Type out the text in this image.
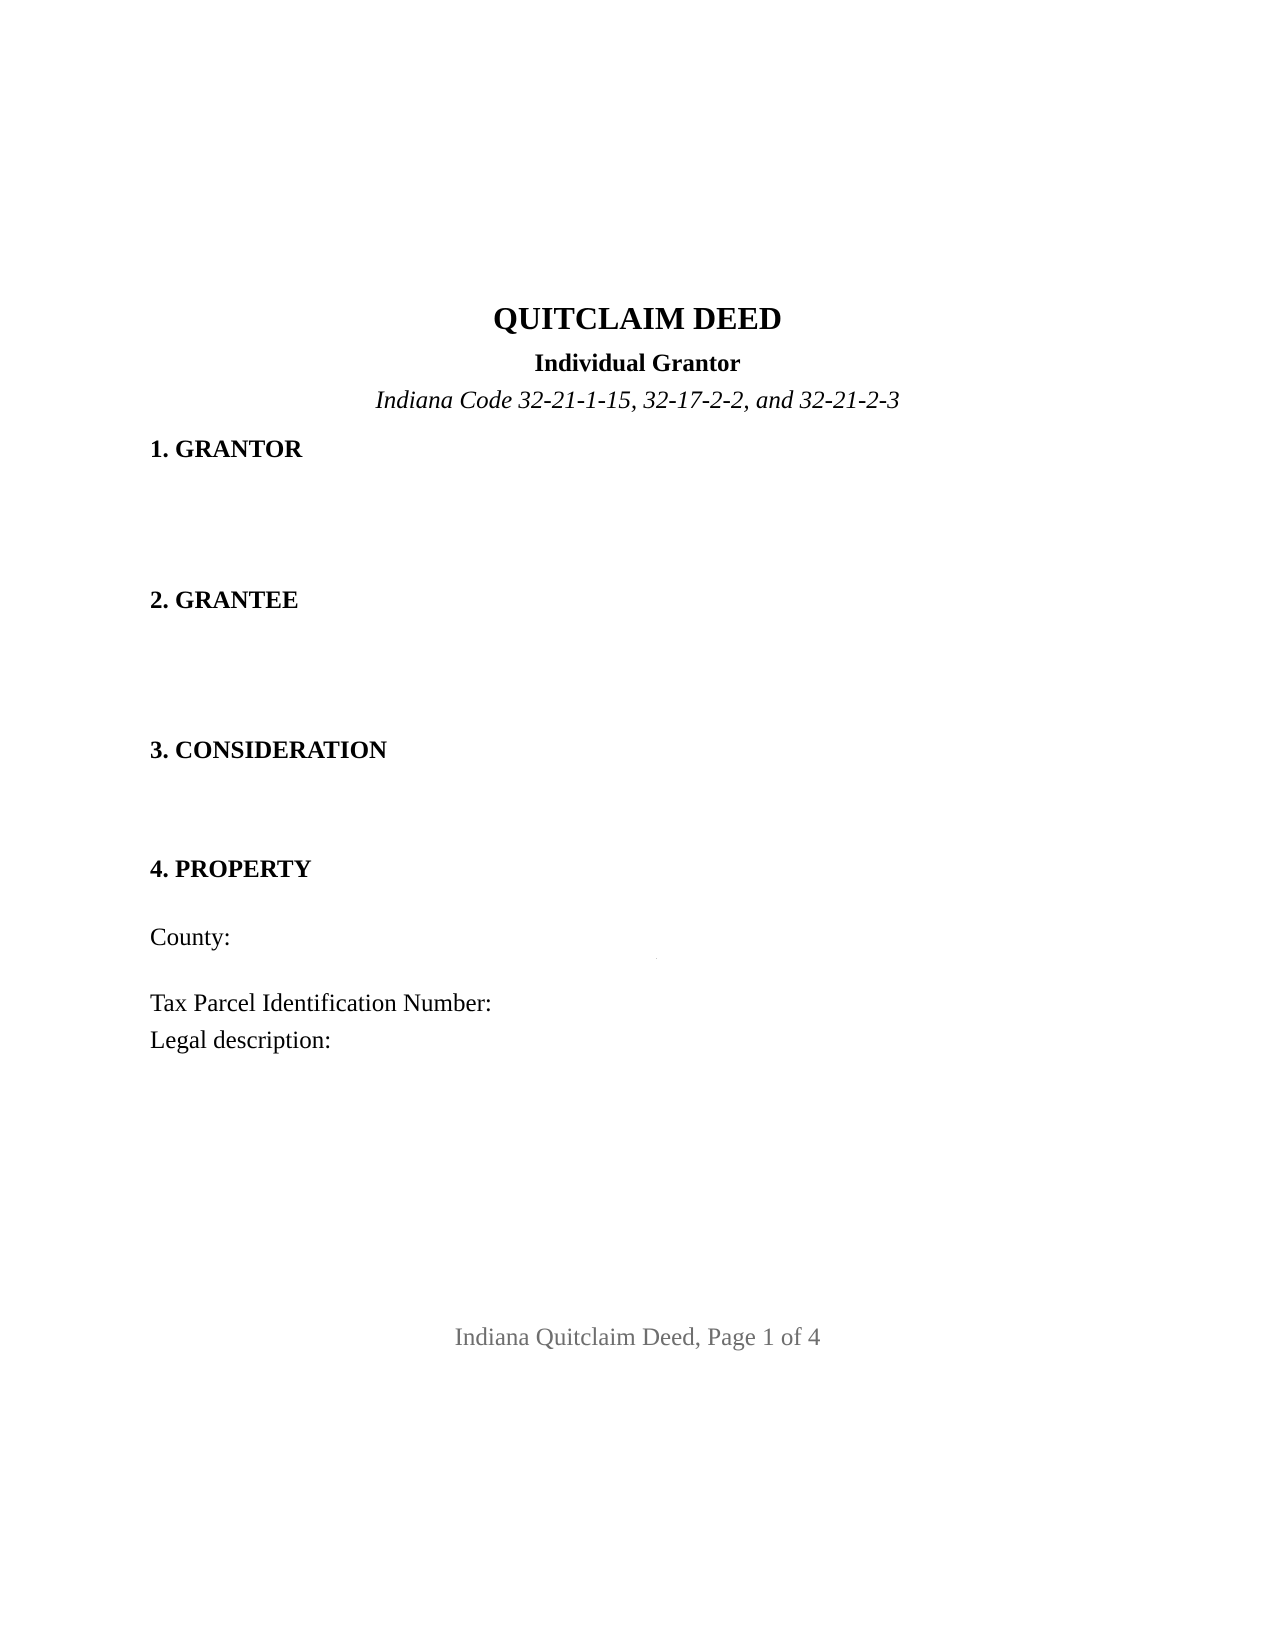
QUITCLAIM DEED
Individual Grantor
Indiana Code 32-21-1-15, 32-17-2-2, and 32-21-2-3
1. GRANTOR
2. GRANTEE
3. CONSIDERATION
4. PROPERTY
County:
Tax Parcel Identification Number:
Legal description:
Indiana Quitclaim Deed, Page 1 of 4
